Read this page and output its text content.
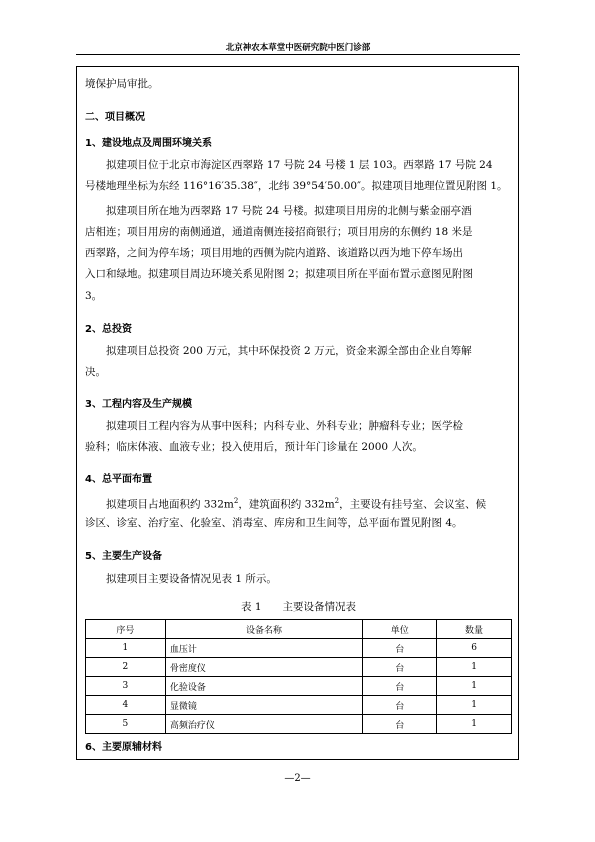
北京神农本草堂中医研究院中医门诊部
境保护局审批。
二、项目概况
1、建设地点及周围环境关系
拟建项目位于北京市海淀区西翠路 17 号院 24 号楼 1 层 103。西翠路 17 号院 24
号楼地理坐标为东经 116°16′35.38″，北纬 39°54′50.00″。拟建项目地理位置见附图 1。
拟建项目所在地为西翠路 17 号院 24 号楼。拟建项目用房的北侧与紫金丽亭酒
店相连；项目用房的南侧通道，通道南侧连接招商银行；项目用房的东侧约 18 米是
西翠路，之间为停车场；项目用地的西侧为院内道路、该道路以西为地下停车场出
入口和绿地。拟建项目周边环境关系见附图 2；拟建项目所在平面布置示意图见附图
3。
2、总投资
拟建项目总投资 200 万元，其中环保投资 2 万元，资金来源全部由企业自筹解
决。
3、工程内容及生产规模
拟建项目工程内容为从事中医科；内科专业、外科专业；肿瘤科专业；医学检
验科；临床体液、血液专业；投入使用后，预计年门诊量在 2000 人次。
4、总平面布置
拟建项目占地面积约 $332m^2$，建筑面积约 $332m^2$，主要设有挂号室、会议室、候
诊区、诊室、治疗室、化验室、消毒室、库房和卫生间等，总平面布置见附图 4。
5、主要生产设备
拟建项目主要设备情况见表 1 所示。
表 1　　主要设备情况表
序号	设备名称	单位	数量
1	血压计	台	6
2	骨密度仪	台	1
3	化验设备	台	1
4	显微镜	台	1
5	高频治疗仪	台	1
6、主要原辅材料
—2—
